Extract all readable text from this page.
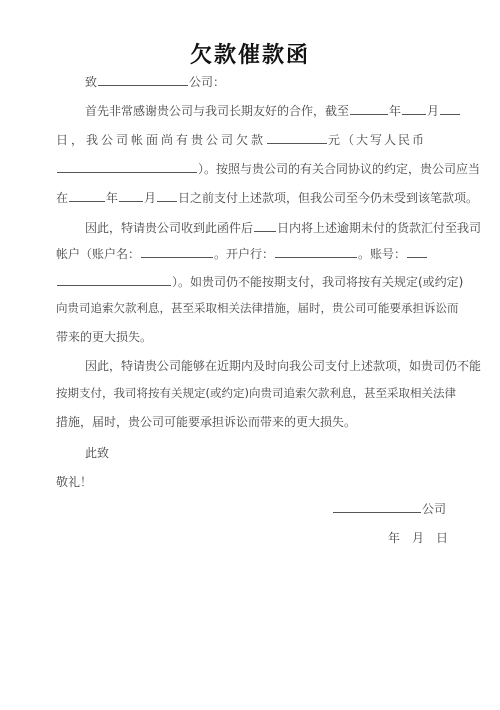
欠款催款函
致	公司：
首先非常感谢贵公司与我司长期友好的合作，截至	年 月
日，我公司帐面尚有贵公司欠款	元（大写人民币
）。按照与贵公司的有关合同协议的约定，贵公司应当
在	年 月 日之前支付上述款项，但我公司至今仍未受到该笔款项。
因此，特请贵公司收到此函件后 日内将上述逾期未付的货款汇付至我司
帐户（账户名：	。开户行：	。账号：
）。如贵司仍不能按期支付，我司将按有关规定(或约定)
向贵司追索欠款利息，甚至采取相关法律措施，届时，贵公司可能要承担诉讼而
带来的更大损失。
因此，特请贵公司能够在近期内及时向我公司支付上述款项，如贵司仍不能
按期支付，我司将按有关规定(或约定)向贵司追索欠款利息，甚至采取相关法律
措施，届时，贵公司可能要承担诉讼而带来的更大损失。
此致
敬礼！
公司
年　月　日
